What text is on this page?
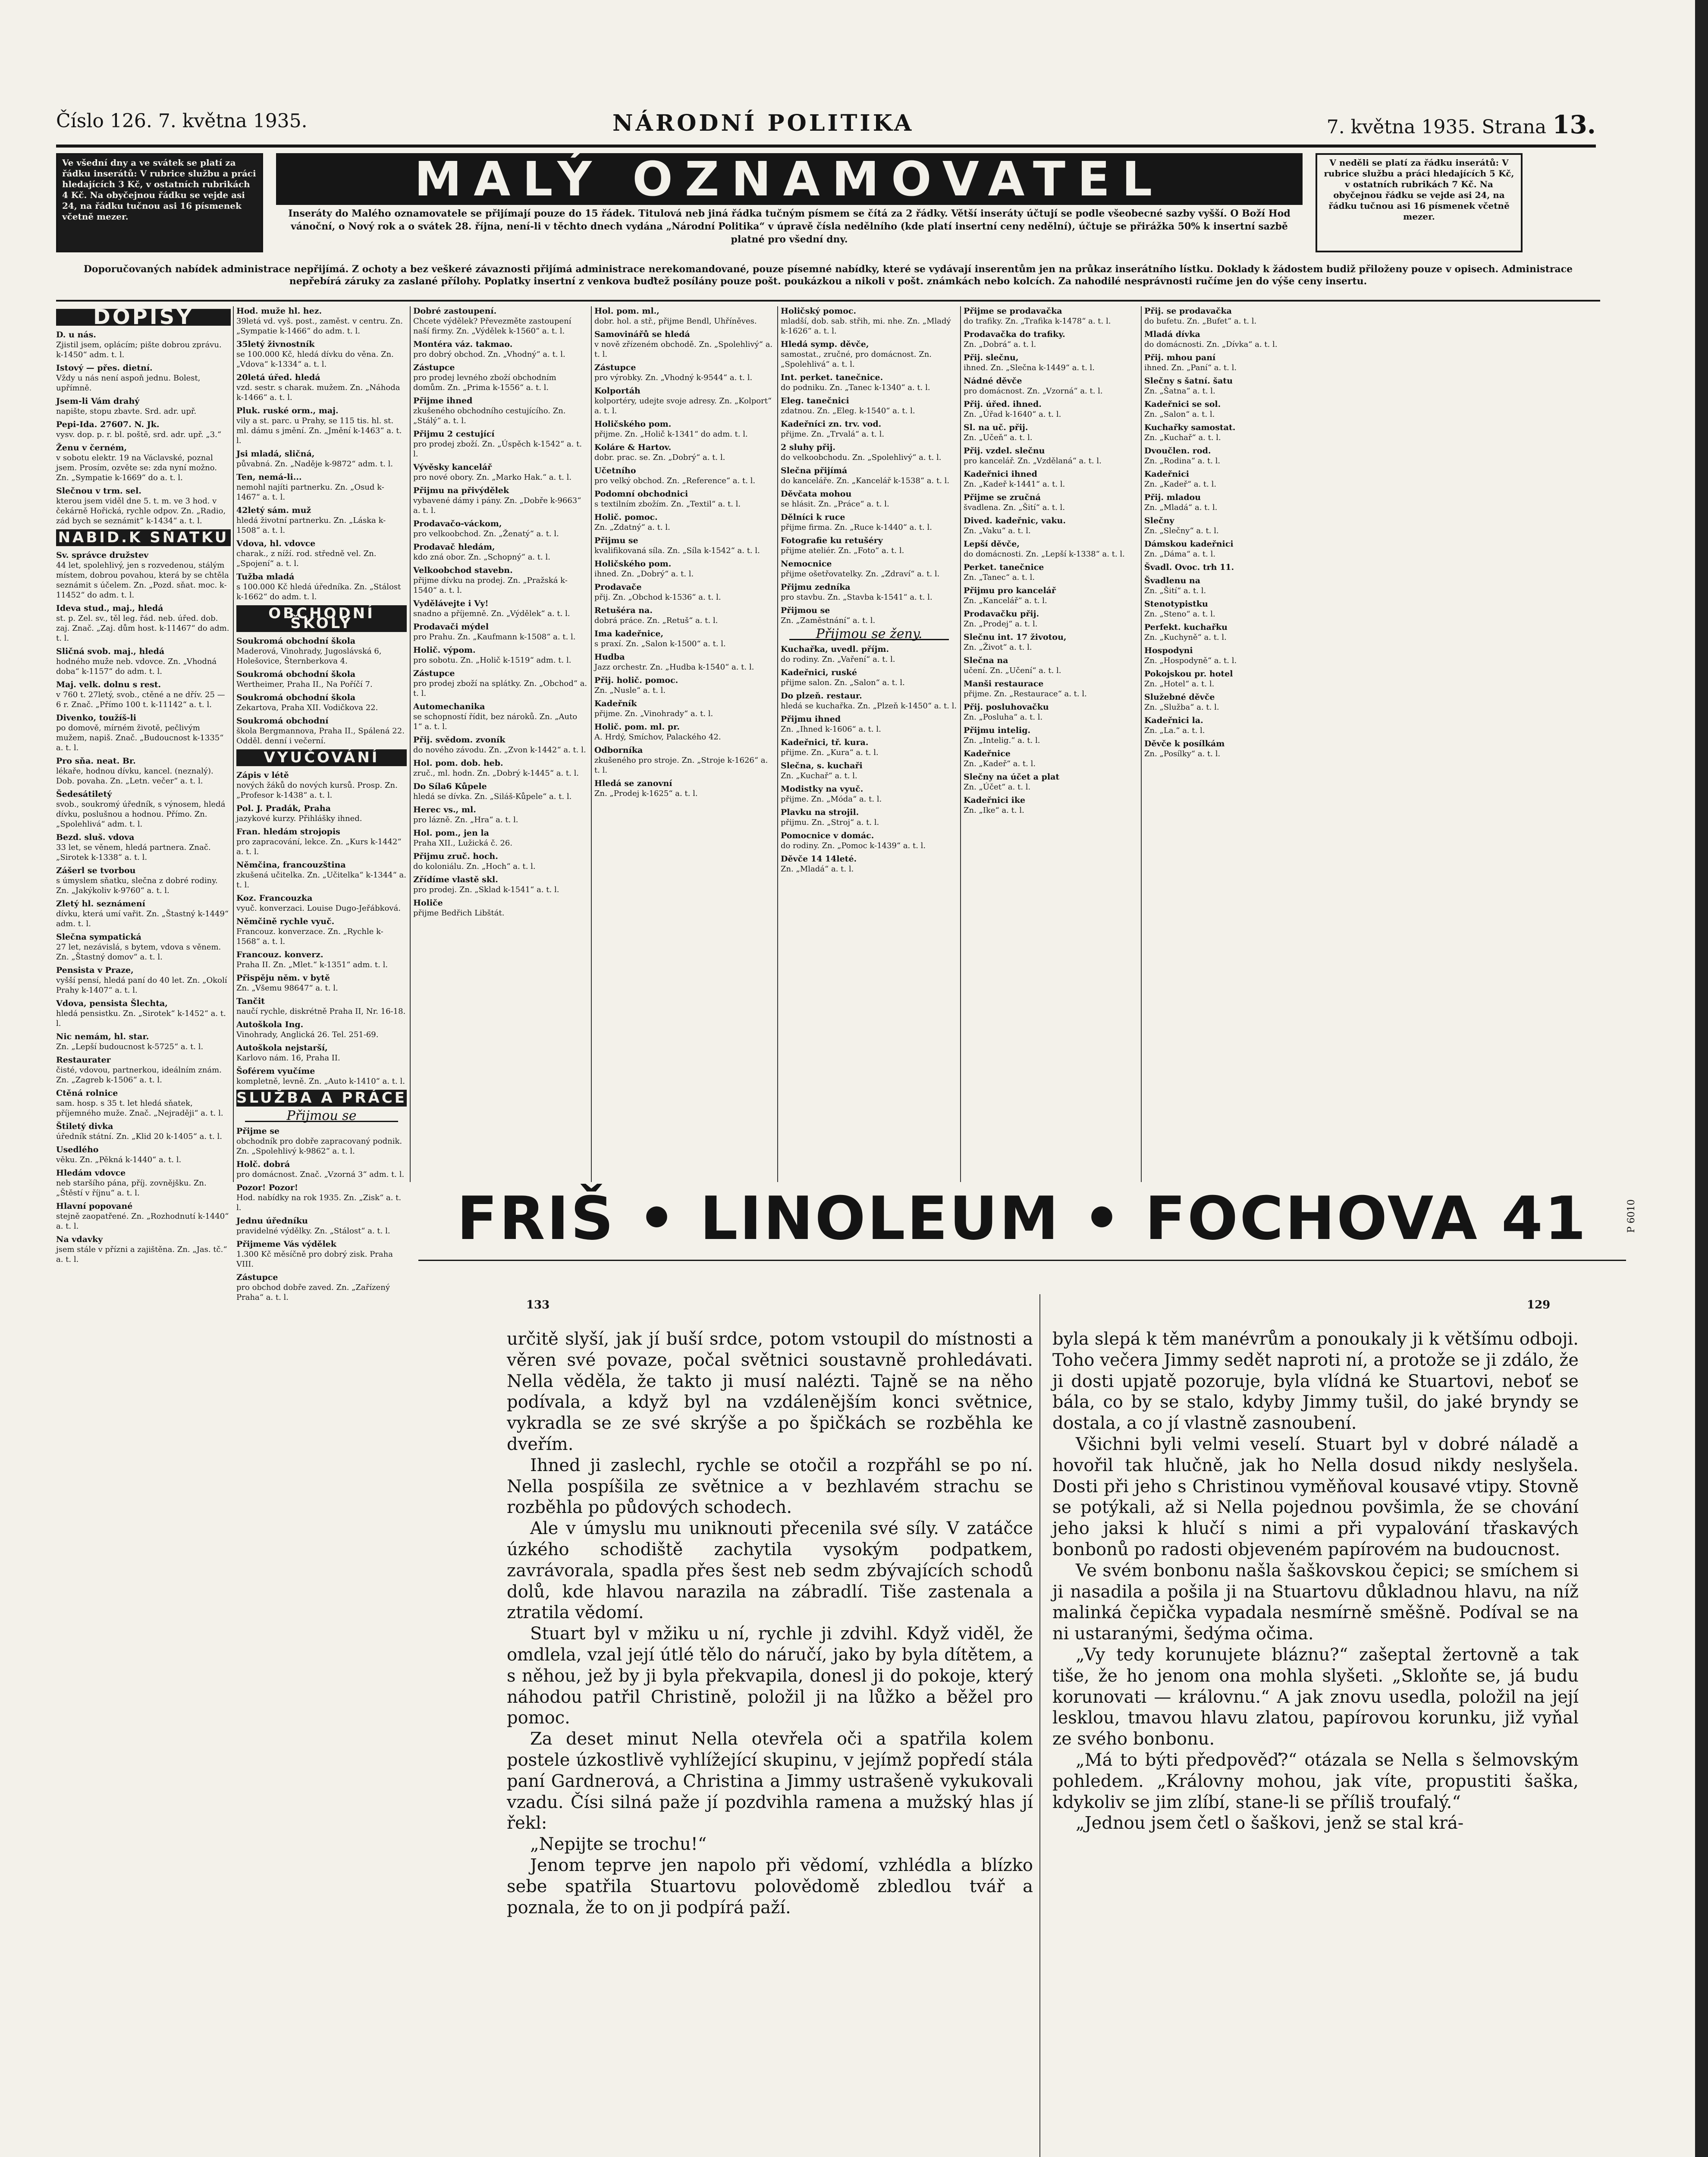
Číslo 126. 7. května 1935.	NÁRODNÍ POLITIKA	7. května 1935. Strana 13.
Ve všední dny a ve svátek se platí za řádku inserátů: V rubrice službu a práci hledajících 3 Kč, v ostatních rubrikách 4 Kč. Na obyčejnou řádku se vejde asi 24, na řádku tučnou asi 16 písmenek včetně mezer.
MALÝ OZNAMOVATEL
Inseráty do Malého oznamovatele se přijímají pouze do 15 řádek. Titulová neb jiná řádka tučným písmem se čítá za 2 řádky. Větší inseráty účtují se podle všeobecné sazby vyšší. O Boží Hod vánoční, o Nový rok a o svátek 28. října, není-li v těchto dnech vydána „Národní Politika“ v úpravě čísla nedělního (kde platí insertní ceny nedělní), účtuje se přirážka 50% k insertní sazbě platné pro všední dny.
V neděli se platí za řádku inserátů: V rubrice službu a práci hledajících 5 Kč, v ostatních rubrikách 7 Kč. Na obyčejnou řádku se vejde asi 24, na řádku tučnou asi 16 písmenek včetně mezer.
Doporučovaných nabídek administrace nepřijímá. Z ochoty a bez veškeré závaznosti přijímá administrace nerekomandované, pouze písemné nabídky, které se vydávají inserentům jen na průkaz inserátního lístku. Doklady k žádostem budiž přiloženy pouze v opisech. Administrace nepřebírá záruky za zaslané přílohy. Poplatky insertní z venkova buďtež posílány pouze pošt. poukázkou a nikoli v pošt. známkách nebo kolcích. Za nahodilé nesprávnosti ručíme jen do výše ceny insertu.
DOPISY
D. u nás.
Zjistil jsem, oplácím; pište dobrou zprávu. k-1450“ adm. t. l.
Istový — přes. dietní.
Vždy u nás není aspoň jednu. Bolest, upřímně.
Jsem-li Vám drahý
napište, stopu zbavte. Srd. adr. upř.
Pepi-Ida. 27607. N. Jk.
vysv. dop. p. r. bl. poště, srd. adr. upř. „3.“
Ženu v černém,
v sobotu elektr. 19 na Václavské, poznal jsem. Prosím, ozvěte se: zda nyní možno. Zn. „Sympatie k-1669“ do a. t. l.
Slečnou v trm. sel.
kterou jsem viděl dne 5. t. m. ve 3 hod. v čekárně Hořická, rychle odpov. Zn. „Radio, zád bych se seznámit“ k-1434“ a. t. l.
NABID.K SŇATKU
Sv. správce družstev
44 let, spolehlivý, jen s rozvedenou, stálým místem, dobrou povahou, která by se chtěla seznámit s účelem. Zn. „Pozd. sňat. moc. k-11452“ do adm. t. l.
Ideva stud., maj., hledá
st. p. Zel. sv., těl leg. řád. neb. úřed. dob. zaj. Znač. „Zaj. dům host. k-11467“ do adm. t. l.
Sličná svob. maj., hledá
hodného muže neb. vdovce. Zn. „Vhodná doba“ k-1157“ do adm. t. l.
Maj. velk. dolnu s rest.
v 760 t. 27letý, svob., ctěné a ne dřív. 25 — 6 r. Znač. „Přímo 100 t. k-11142“ a. t. l.
Divenko, toužíš-li
po domově, mírném životě, pečlivým mužem, napiš. Znač. „Budoucnost k-1335“ a. t. l.
Pro sňa. neat. Br.
lékaře, hodnou dívku, kancel. (neznalý). Dob. povaha. Zn. „Letn. večer“ a. t. l.
Šedesátiletý
svob., soukromý úředník, s výnosem, hledá dívku, poslušnou a hodnou. Přímo. Zn. „Spolehlivá“ adm. t. l.
Bezd. sluš. vdova
33 let, se věnem, hledá partnera. Znač. „Sirotek k-1338“ a. t. l.
Zášerl se tvorbou
s úmyslem sňatku, slečna z dobré rodiny. Zn. „Jakýkoliv k-9760“ a. t. l.
Zletý hl. seznámení
dívku, která umí vařit. Zn. „Štastný k-1449“ adm. t. l.
Slečna sympatická
27 let, nezávislá, s bytem, vdova s věnem. Zn. „Štastný domov“ a. t. l.
Pensista v Praze,
vyšší pensí, hledá paní do 40 let. Zn. „Okolí Prahy k-1407“ a. t. l.
Vdova, pensista Šlechta,
hledá pensistku. Zn. „Sirotek“ k-1452“ a. t. l.
Nic nemám, hl. star.
Zn. „Lepší budoucnost k-5725“ a. t. l.
Restaurater
čisté, vdovou, partnerkou, ideálním znám. Zn. „Zagreb k-1506“ a. t. l.
Ctěná rolnice
sam. hosp. s 35 t. let hledá sňatek, příjemného muže. Znač. „Nejraději“ a. t. l.
Štiletý divka
úředník státní. Zn. „Klid 20 k-1405“ a. t. l.
Usedlého
věku. Zn. „Pěkná k-1440“ a. t. l.
Hledám vdovce
neb staršího pána, příj. zovnějšku. Zn. „Štěstí v říjnu“ a. t. l.
Hlavní popované
stejně zaopatřené. Zn. „Rozhodnutí k-1440“ a. t. l.
Na vdavky
jsem stále v přízni a zajištěna. Zn. „Jas. tč.“ a. t. l.
Hod. muže hl. hez.
39letá vd. vyš. post., zaměst. v centru. Zn. „Sympatie k-1466“ do adm. t. l.
35letý živnostník
se 100.000 Kč, hledá dívku do věna. Zn. „Vdova“ k-1334“ a. t. l.
20letá úřed. hledá
vzd. sestr. s charak. mužem. Zn. „Náhoda k-1466“ a. t. l.
Pluk. ruské orm., maj.
vily a st. parc. u Prahy, se 115 tis. hl. st. ml. dámu s jmění. Zn. „Jmění k-1463“ a. t. l.
Jsi mladá, sličná,
půvabná. Zn. „Naděje k-9872“ adm. t. l.
Ten, nemá-li...
nemohl najíti partnerku. Zn. „Osud k-1467“ a. t. l.
42letý sám. muž
hledá životní partnerku. Zn. „Láska k-1508“ a. t. l.
Vdova, hl. vdovce
charak., z níží. rod. středně vel. Zn. „Spojení“ a. t. l.
Tužba mladá
s 100.000 Kč hledá úředníka. Zn. „Stálost k-1662“ do adm. t. l.
OBCHODNÍ ŠKOLY
Soukromá obchodní škola
Maderová, Vinohrady, Jugoslávská 6, Holešovice, Šternberkova 4.
Soukromá obchodní škola
Wertheimer, Praha II., Na Poříčí 7.
Soukromá obchodní škola
Zekartova, Praha XII. Vodičkova 22.
Soukromá obchodní
škola Bergmannova, Praha II., Spálená 22. Odděl. denní i večerní.
VYUČOVÁNÍ
Zápis v létě
nových žáků do nových kursů. Prosp. Zn. „Profesor k-1438“ a. t. l.
Pol. J. Pradák, Praha
jazykové kurzy. Přihlášky ihned.
Fran. hledám strojopis
pro zapracování, lekce. Zn. „Kurs k-1442“ a. t. l.
Němčina, francouzština
zkušená učitelka. Zn. „Učitelka“ k-1344“ a. t. l.
Koz. Francouzka
vyuč. konverzaci. Louise Dugo-Jeřábková.
Němčině rychle vyuč.
Francouz. konverzace. Zn. „Rychle k-1568“ a. t. l.
Francouz. konverz.
Praha II. Zn. „Mlet.“ k-1351“ adm. t. l.
Přispěju něm. v bytě
Zn. „Všemu 98647“ a. t. l.
Tančit
naučí rychle, diskrétně Praha II, Nr. 16-18.
Autoškola Ing.
Vinohrady, Anglická 26. Tel. 251-69.
Autoškola nejstarší,
Karlovo nám. 16, Praha II.
Šoférem vyučíme
kompletně, levně. Zn. „Auto k-1410“ a. t. l.
SLUŽBA A PRÁCE
Přijmou se
Přijme se
obchodník pro dobře zapracovaný podnik. Zn. „Spolehlivý k-9862“ a. t. l.
Holč. dobrá
pro domácnost. Znač. „Vzorná 3“ adm. t. l.
Pozor! Pozor!
Hod. nabídky na rok 1935. Zn. „Zisk“ a. t. l.
Jednu úředníku
pravidelné výdělky. Zn. „Stálost“ a. t. l.
Přijmeme Vás výdělek
1.300 Kč měsíčně pro dobrý zisk. Praha VIII.
Zástupce
pro obchod dobře zaved. Zn. „Zařízený Praha“ a. t. l.
Dobré zastoupení.
Chcete výdělek? Převezměte zastoupení naší firmy. Zn. „Výdělek k-1560“ a. t. l.
Montéra váz. takmao.
pro dobrý obchod. Zn. „Vhodný“ a. t. l.
Zástupce
pro prodej levného zboží obchodním domům. Zn. „Prima k-1556“ a. t. l.
Přijme ihned
zkušeného obchodního cestujícího. Zn. „Stálý“ a. t. l.
Přijmu 2 cestující
pro prodej zboží. Zn. „Úspěch k-1542“ a. t. l.
Vývěsky kancelář
pro nové obory. Zn. „Marko Hak.“ a. t. l.
Přijmu na přivýdělek
vybavené dámy i pány. Zn. „Dobře k-9663“ a. t. l.
Prodavačo-váckom,
pro velkoobchod. Zn. „Ženatý“ a. t. l.
Prodavač hledám,
kdo zná obor. Zn. „Schopný“ a. t. l.
Velkoobchod stavebn.
přijme dívku na prodej. Zn. „Pražská k-1540“ a. t. l.
Vydělávejte i Vy!
snadno a příjemně. Zn. „Výdělek“ a. t. l.
Prodavači mýdel
pro Prahu. Zn. „Kaufmann k-1508“ a. t. l.
Holič. výpom.
pro sobotu. Zn. „Holič k-1519“ adm. t. l.
Zástupce
pro prodej zboží na splátky. Zn. „Obchod“ a. t. l.
Automechanika
se schopností řídit, bez nároků. Zn. „Auto 1“ a. t. l.
Přij. svědom. zvoník
do nového závodu. Zn. „Zvon k-1442“ a. t. l.
Hol. pom. dob. heb.
zruč., ml. hodn. Zn. „Dobrý k-1445“ a. t. l.
Do Síla6 Kůpele
hledá se dívka. Zn. „Siláš-Kůpele“ a. t. l.
Herec vs., ml.
pro lázně. Zn. „Hra“ a. t. l.
Hol. pom., jen la
Praha XII., Lužická č. 26.
Přijmu zruč. hoch.
do koloniálu. Zn. „Hoch“ a. t. l.
Zřídíme vlastě skl.
pro prodej. Zn. „Sklad k-1541“ a. t. l.
Holiče
přijme Bedřich Libštát.
Hol. pom. ml.,
dobr. hol. a stř., přijme Bendl, Uhříněves.
Samovinářů se hledá
v nově zřízeném obchodě. Zn. „Spolehlivý“ a. t. l.
Zástupce
pro výrobky. Zn. „Vhodný k-9544“ a. t. l.
Kolportáh
kolportéry, udejte svoje adresy. Zn. „Kolport“ a. t. l.
Holičského pom.
přijme. Zn. „Holič k-1341“ do adm. t. l.
Koláre & Hartov.
dobr. prac. se. Zn. „Dobrý“ a. t. l.
Učetního
pro velký obchod. Zn. „Reference“ a. t. l.
Podomní obchodnici
s textilním zbožím. Zn. „Textil“ a. t. l.
Holič. pomoc.
Zn. „Zdatný“ a. t. l.
Přijmu se
kvalifikovaná síla. Zn. „Síla k-1542“ a. t. l.
Holičského pom.
ihned. Zn. „Dobrý“ a. t. l.
Prodavače
přij. Zn. „Obchod k-1536“ a. t. l.
Retušéra na.
dobrá práce. Zn. „Retuš“ a. t. l.
Ima kadeřnice,
s praxí. Zn. „Salon k-1500“ a. t. l.
Hudba
Jazz orchestr. Zn. „Hudba k-1540“ a. t. l.
Přij. holič. pomoc.
Zn. „Nusle“ a. t. l.
Kadeřník
přijme. Zn. „Vinohrady“ a. t. l.
Holič. pom. ml. pr.
A. Hrdý, Smíchov, Palackého 42.
Odborníka
zkušeného pro stroje. Zn. „Stroje k-1626“ a. t. l.
Hledá se zanovní
Zn. „Prodej k-1625“ a. t. l.
Holičský pomoc.
mladší, dob. sab. střih, mi. nhe. Zn. „Mladý k-1626“ a. t. l.
Hledá symp. děvče,
samostat., zručné, pro domácnost. Zn. „Spolehlivá“ a. t. l.
Int. perket. tanečnice.
do podniku. Zn. „Tanec k-1340“ a. t. l.
Eleg. tanečnici
zdatnou. Zn. „Eleg. k-1540“ a. t. l.
Kadeřníci zn. trv. vod.
přijme. Zn. „Trvalá“ a. t. l.
2 sluhy přij.
do velkoobchodu. Zn. „Spolehlivý“ a. t. l.
Slečna přijímá
do kanceláře. Zn. „Kancelář k-1538“ a. t. l.
Děvčata mohou
se hlásit. Zn. „Práce“ a. t. l.
Dělníci k ruce
přijme firma. Zn. „Ruce k-1440“ a. t. l.
Fotografie ku retušéry
přijme ateliér. Zn. „Foto“ a. t. l.
Nemocnice
přijme ošetřovatelky. Zn. „Zdraví“ a. t. l.
Přijmu zedníka
pro stavbu. Zn. „Stavba k-1541“ a. t. l.
Přijmou se
Zn. „Zaměstnání“ a. t. l.
Přijmou se ženy.
Kuchařka, uvedl. příjm.
do rodiny. Zn. „Vaření“ a. t. l.
Kadeřnici, ruské
přijme salon. Zn. „Salon“ a. t. l.
Do plzeň. restaur.
hledá se kuchařka. Zn. „Plzeň k-1450“ a. t. l.
Přijmu ihned
Zn. „Ihned k-1606“ a. t. l.
Kadeřnici, tř. kura.
přijme. Zn. „Kura“ a. t. l.
Slečna, s. kuchaři
Zn. „Kuchař“ a. t. l.
Modistky na vyuč.
přijme. Zn. „Móda“ a. t. l.
Plavku na strojil.
přijmu. Zn. „Stroj“ a. t. l.
Pomocnice v domác.
do rodiny. Zn. „Pomoc k-1439“ a. t. l.
Děvče 14 14leté.
Zn. „Mladá“ a. t. l.
Přijme se prodavačka
do trafiky. Zn. „Trafika k-1478“ a. t. l.
Prodavačka do trafiky.
Zn. „Dobrá“ a. t. l.
Přij. slečnu,
ihned. Zn. „Slečna k-1449“ a. t. l.
Nádné děvče
pro domácnost. Zn. „Vzorná“ a. t. l.
Přij. úřed. ihned.
Zn. „Úřad k-1640“ a. t. l.
Sl. na uč. přij.
Zn. „Učeň“ a. t. l.
Přij. vzdel. slečnu
pro kancelář. Zn. „Vzdělaná“ a. t. l.
Kadeřnici ihned
Zn. „Kadeř k-1441“ a. t. l.
Přijme se zručná
švadlena. Zn. „Šití“ a. t. l.
Dived. kadeřnic, vaku.
Zn. „Vaku“ a. t. l.
Lepší děvče,
do domácnosti. Zn. „Lepší k-1338“ a. t. l.
Perket. tanečnice
Zn. „Tanec“ a. t. l.
Přijmu pro kancelář
Zn. „Kancelář“ a. t. l.
Prodavačku přij.
Zn. „Prodej“ a. t. l.
Slečnu int. 17 životou,
Zn. „Život“ a. t. l.
Slečna na
učení. Zn. „Učení“ a. t. l.
Manši restaurace
přijme. Zn. „Restaurace“ a. t. l.
Přij. posluhovačku
Zn. „Posluha“ a. t. l.
Přijmu intelig.
Zn. „Intelig.“ a. t. l.
Kadeřnice
Zn. „Kadeř“ a. t. l.
Slečny na účet a plat
Zn. „Účet“ a. t. l.
Kadeřnici ike
Zn. „Ike“ a. t. l.
Přij. se prodavačka
do bufetu. Zn. „Bufet“ a. t. l.
Mladá dívka
do domácnosti. Zn. „Dívka“ a. t. l.
Přij. mhou paní
ihned. Zn. „Paní“ a. t. l.
Slečny s šatní. šatu
Zn. „Šatna“ a. t. l.
Kadeřnici se sol.
Zn. „Salon“ a. t. l.
Kuchařky samostat.
Zn. „Kuchař“ a. t. l.
Dvoučlen. rod.
Zn. „Rodina“ a. t. l.
Kadeřnici
Zn. „Kadeř“ a. t. l.
Přij. mladou
Zn. „Mladá“ a. t. l.
Slečny
Zn. „Slečny“ a. t. l.
Dámskou kadeřnici
Zn. „Dáma“ a. t. l.
Švadl. Ovoc. trh 11.
Švadlenu na
Zn. „Šití“ a. t. l.
Stenotypistku
Zn. „Steno“ a. t. l.
Perfekt. kuchařku
Zn. „Kuchyně“ a. t. l.
Hospodyni
Zn. „Hospodyně“ a. t. l.
Pokojskou pr. hotel
Zn. „Hotel“ a. t. l.
Služebné děvče
Zn. „Služba“ a. t. l.
Kadeřnici la.
Zn. „La.“ a. t. l.
Děvče k posílkám
Zn. „Posílky“ a. t. l.
FRIŠ • LINOLEUM • FOCHOVA 41	P 6010
133	129

určitě slyší, jak jí buší srdce, potom vstoupil do místnosti a věren své povaze, počal světnici soustavně prohledávati. Nella věděla, že takto ji musí nalézti. Tajně se na něho podívala, a když byl na vzdálenějším konci světnice, vykradla se ze své skrýše a po špičkách se rozběhla ke dveřím.

Ihned ji zaslechl, rychle se otočil a rozpřáhl se po ní. Nella pospíšila ze světnice a v bezhlavém strachu se rozběhla po půdových schodech.

Ale v úmyslu mu uniknouti přecenila své síly. V zatáčce úzkého schodiště zachytila vysokým podpatkem, zavrávorala, spadla přes šest neb sedm zbývajících schodů dolů, kde hlavou narazila na zábradlí. Tiše zastenala a ztratila vědomí.

Stuart byl v mžiku u ní, rychle ji zdvihl. Když viděl, že omdlela, vzal její útlé tělo do náručí, jako by byla dítětem, a s něhou, jež by ji byla překvapila, donesl ji do pokoje, který náhodou patřil Christině, položil ji na lůžko a běžel pro pomoc.

Za deset minut Nella otevřela oči a spatřila kolem postele úzkostlivě vyhlížející skupinu, v jejímž popředí stála paní Gardnerová, a Christina a Jimmy ustrašeně vykukovali vzadu. Čísi silná paže jí pozdvihla ramena a mužský hlas jí řekl:

„Nepijte se trochu!“

Jenom teprve jen napolo při vědomí, vzhlédla a blízko sebe spatřila Stuartovu polovědomě zbledlou tvář a poznala, že to on ji podpírá paží.

byla slepá k těm manévrům a ponoukaly ji k většímu odboji. Toho večera Jimmy sedět naproti ní, a protože se ji zdálo, že ji dosti upjatě pozoruje, byla vlídná ke Stuartovi, neboť se bála, co by se stalo, kdyby Jimmy tušil, do jaké bryndy se dostala, a co jí vlastně zasnoubení.

Všichni byli velmi veselí. Stuart byl v dobré náladě a hovořil tak hlučně, jak ho Nella dosud nikdy neslyšela. Dosti při jeho s Christinou vyměňoval kousavé vtipy. Stovně se potýkali, až si Nella pojednou povšimla, že se chování jeho jaksi k hlučí s nimi a při vypalování třaskavých bonbonů po radosti objeveném papírovém na budoucnost.

Ve svém bonbonu našla šaškovskou čepici; se smíchem si ji nasadila a pošila ji na Stuartovu důkladnou hlavu, na níž malinká čepička vypadala nesmírně směšně. Podíval se na ni ustaranými, šedýma očima.

„Vy tedy korunujete bláznu?“ zašeptal žertovně a tak tiše, že ho jenom ona mohla slyšeti. „Skloňte se, já budu korunovati — královnu.“ A jak znovu usedla, položil na její lesklou, tmavou hlavu zlatou, papírovou korunku, již vyňal ze svého bonbonu.

„Má to býti předpověď?“ otázala se Nella s šelmovským pohledem. „Královny mohou, jak víte, propustiti šaška, kdykoliv se jim zlíbí, stane-li se příliš troufalý.“

„Jednou jsem četl o šaškovi, jenž se stal krá-
